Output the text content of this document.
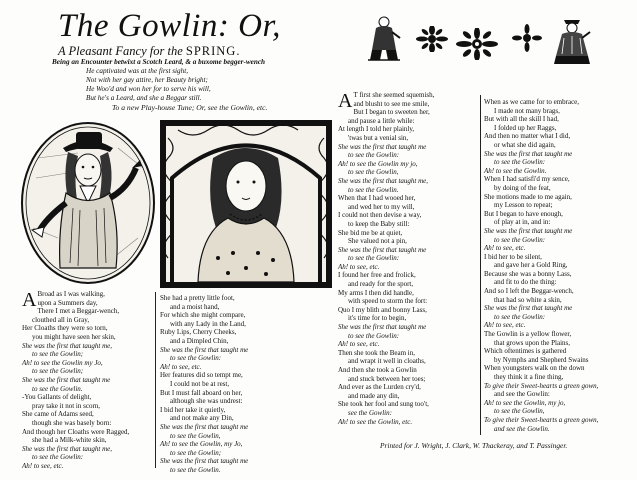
The Gowlin: Or,
A Pleasant Fancy for the SPRING.
Being an Encounter betwixt a Scotch Leard, & a buxome begger-wench
He captivated was at the first sight,
Not with her gay attire, her Beauty bright;
He Woo'd and won her for to serve his will,
But he's a Leard, and she a Beggar still.
To a new Play-house Tune; Or, see the Gowlin, etc.
A Broad as I was walking,
upon a Summers day,
There I met a Beggar-wench,
clouthed all in Gray,
Her Cloaths they were so torn,
you might have seen her skin,
She was the first that taught me,
to see the Gowlin;
Ah! to see the Gowlin my Jo,
to see the Gowlin;
She was the first that taught me
to see the Gowlin.
-You Gallants of delight,
pray take it not in scorn,
She came of Adams seed,
though she was basely born:
And though her Cloaths were Ragged,
she had a Milk-white skin,
She was the first that taught me,
to see the Gowlin:
Ah! to see, etc.
She had a pretty little foot,
and a moist hand,
For which she might compare,
with any Lady in the Land,
Ruby Lips, Cherry Cheeks,
and a Dimpled Chin,
She was the first that taught me
to see the Gowlin:
Ah! to see, etc.
Her features did so tempt me,
I could not be at rest,
But I must fall aboard on her,
although she was undrest:
I bid her take it quietly,
and not make any Din,
She was the first that taught me
to see the Gowlin,
Ah! to see the Gowlin, my Jo,
to see the Gowlin;
She was the first that taught me
to see the Gowlin.
A T first she seemed squemish,
and blusht to see me smile,
But I began to sweeten her,
and pause a little while:
At length I told her plainly,
'twas but a venial sin,
She was the first that taught me
to see the Gowlin:
Ah! to see the Gowlin my jo,
to see the Gowlin,
She was the first that taught me,
to see the Gowlin.
When that I had wooed her,
and wed her to my will,
I could not then devise a way,
to keep the Baby still:
She bid me be at quiet,
She valued not a pin,
She was the first that taught me
to see the Gowlin:
Ah! to see, etc.
I found her free and frolick,
and ready for the sport,
My arms I then did handle,
with speed to storm the fort:
Quo I my blith and bonny Lass,
it's time for to begin,
She was the first that taught me
to see the Gowlin:
Ah! to see, etc.
Then she took the Beam in,
and wrapt it well in cloaths,
And then she took a Gowlin
and stuck between her toes;
And ever as the Lurden cry'd,
and made any din,
She took her fool and sung too't,
see the Gowlin:
Ah! to see the Gowlin, etc.
When as we came for to embrace,
I made not many brags,
But with all the skill I had,
I folded up her Raggs,
And then no matter what I did,
or what she did again,
She was the first that taught me
to see the Gowlin:
Ah! to see the Gowlin.
When I had satisfi'd my sence,
by doing of the feat,
She motions made to me again,
my Lesson to repeat;
But I began to have enough,
of play at in, and in:
She was the first that taught me
to see the Gowlin:
Ah! to see, etc.
I bid her to be silent,
and gave her a Gold Ring,
Because she was a bonny Lass,
and fit to do the thing:
And so I left the Beggar-wench,
that had so white a skin,
She was the first that taught me
to see the Gowlin:
Ah! to see, etc.
The Gowlin is a yellow flower,
that grows upon the Plains,
Which oftentimes is gathered
by Nymphs and Shepherd Swains
When youngsters walk on the down
they think it a fine thing,
To give their Sweet-hearts a green gown,
and see the Gowlin:
Ah! to see the Gowlin, my jo,
to see the Gowlin,
To give their Sweet-hearts a green gown,
and see the Gowlin.
Printed for J. Wright, J. Clark, W. Thackeray, and T. Passinger.
